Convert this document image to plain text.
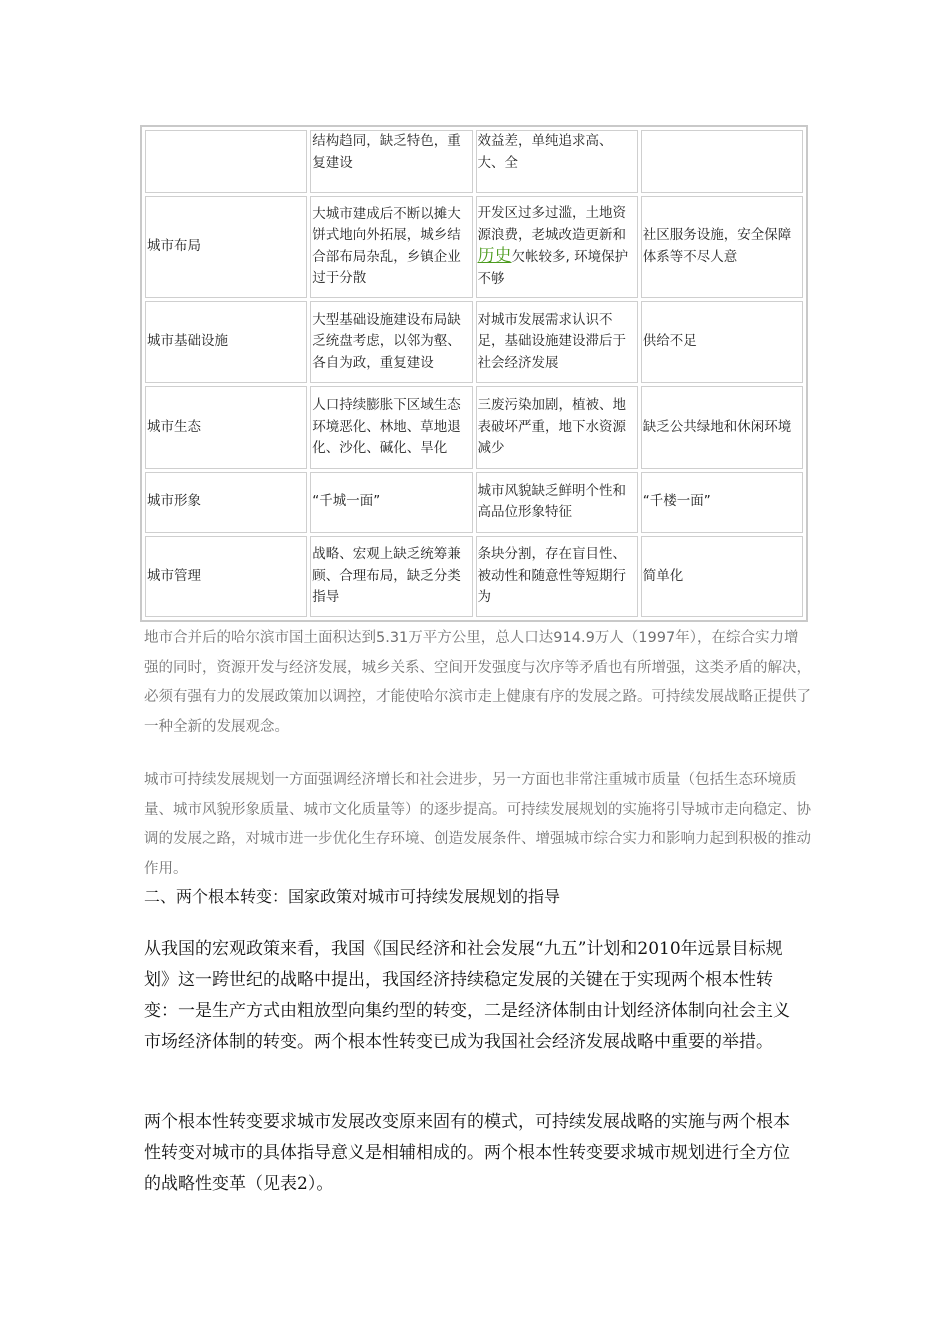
	结构趋同，缺乏特色，重复建设	效益差，单纯追求高、大、全	
城市布局	大城市建成后不断以摊大饼式地向外拓展，城乡结合部布局杂乱，乡镇企业过于分散	开发区过多过滥，土地资源浪费，老城改造更新和历史欠帐较多, 环境保护不够	社区服务设施，安全保障体系等不尽人意
城市基础设施	大型基础设施建设布局缺乏统盘考虑，以邻为壑、各自为政，重复建设	对城市发展需求认识不足，基础设施建设滞后于社会经济发展	供给不足
城市生态	人口持续膨胀下区域生态环境恶化、林地、草地退化、沙化、碱化、旱化	三废污染加剧，植被、地表破坏严重，地下水资源减少	缺乏公共绿地和休闲环境
城市形象	“千城一面”	城市风貌缺乏鲜明个性和高品位形象特征	“千楼一面”
城市管理	战略、宏观上缺乏统筹兼顾、合理布局，缺乏分类指导	条块分割，存在盲目性、被动性和随意性等短期行为	简单化

地市合并后的哈尔滨市国土面积达到5.31万平方公里，总人口达914.9万人（1997年），在综合实力增强的同时，资源开发与经济发展，城乡关系、空间开发强度与次序等矛盾也有所增强，这类矛盾的解决，必须有强有力的发展政策加以调控，才能使哈尔滨市走上健康有序的发展之路。可持续发展战略正提供了一种全新的发展观念。

城市可持续发展规划一方面强调经济增长和社会进步，另一方面也非常注重城市质量（包括生态环境质量、城市风貌形象质量、城市文化质量等）的逐步提高。可持续发展规划的实施将引导城市走向稳定、协调的发展之路，对城市进一步优化生存环境、创造发展条件、增强城市综合实力和影响力起到积极的推动作用。

二、两个根本转变：国家政策对城市可持续发展规划的指导

从我国的宏观政策来看，我国《国民经济和社会发展“九五”计划和2010年远景目标规划》这一跨世纪的战略中提出，我国经济持续稳定发展的关键在于实现两个根本性转变：一是生产方式由粗放型向集约型的转变，二是经济体制由计划经济体制向社会主义市场经济体制的转变。两个根本性转变已成为我国社会经济发展战略中重要的举措。

两个根本性转变要求城市发展改变原来固有的模式，可持续发展战略的实施与两个根本性转变对城市的具体指导意义是相辅相成的。两个根本性转变要求城市规划进行全方位的战略性变革（见表2）。
